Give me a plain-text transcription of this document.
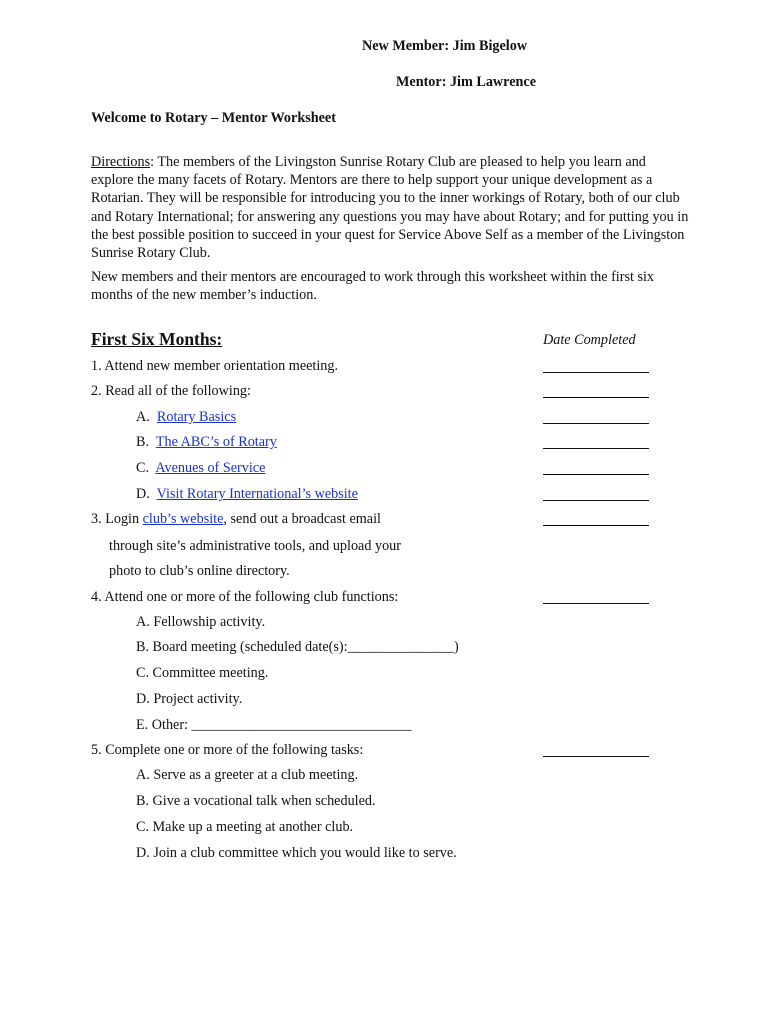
New Member: Jim Bigelow
Mentor: Jim Lawrence
Welcome to Rotary – Mentor Worksheet
Directions: The members of the Livingston Sunrise Rotary Club are pleased to help you learn and explore the many facets of Rotary. Mentors are there to help support your unique development as a Rotarian. They will be responsible for introducing you to the inner workings of Rotary, both of our club and Rotary International; for answering any questions you may have about Rotary; and for putting you in the best possible position to succeed in your quest for Service Above Self as a member of the Livingston Sunrise Rotary Club.
New members and their mentors are encouraged to work through this worksheet within the first six months of the new member’s induction.
First Six Months:	Date Completed
1. Attend new member orientation meeting.
2. Read all of the following:
A. Rotary Basics
B. The ABC’s of Rotary
C. Avenues of Service
D. Visit Rotary International’s website
3. Login club’s website, send out a broadcast email
through site’s administrative tools, and upload your
photo to club’s online directory.
4. Attend one or more of the following club functions:
A. Fellowship activity.
B. Board meeting (scheduled date(s):_______________)
C. Committee meeting.
D. Project activity.
E. Other: _______________________________
5. Complete one or more of the following tasks:
A. Serve as a greeter at a club meeting.
B. Give a vocational talk when scheduled.
C. Make up a meeting at another club.
D. Join a club committee which you would like to serve.
